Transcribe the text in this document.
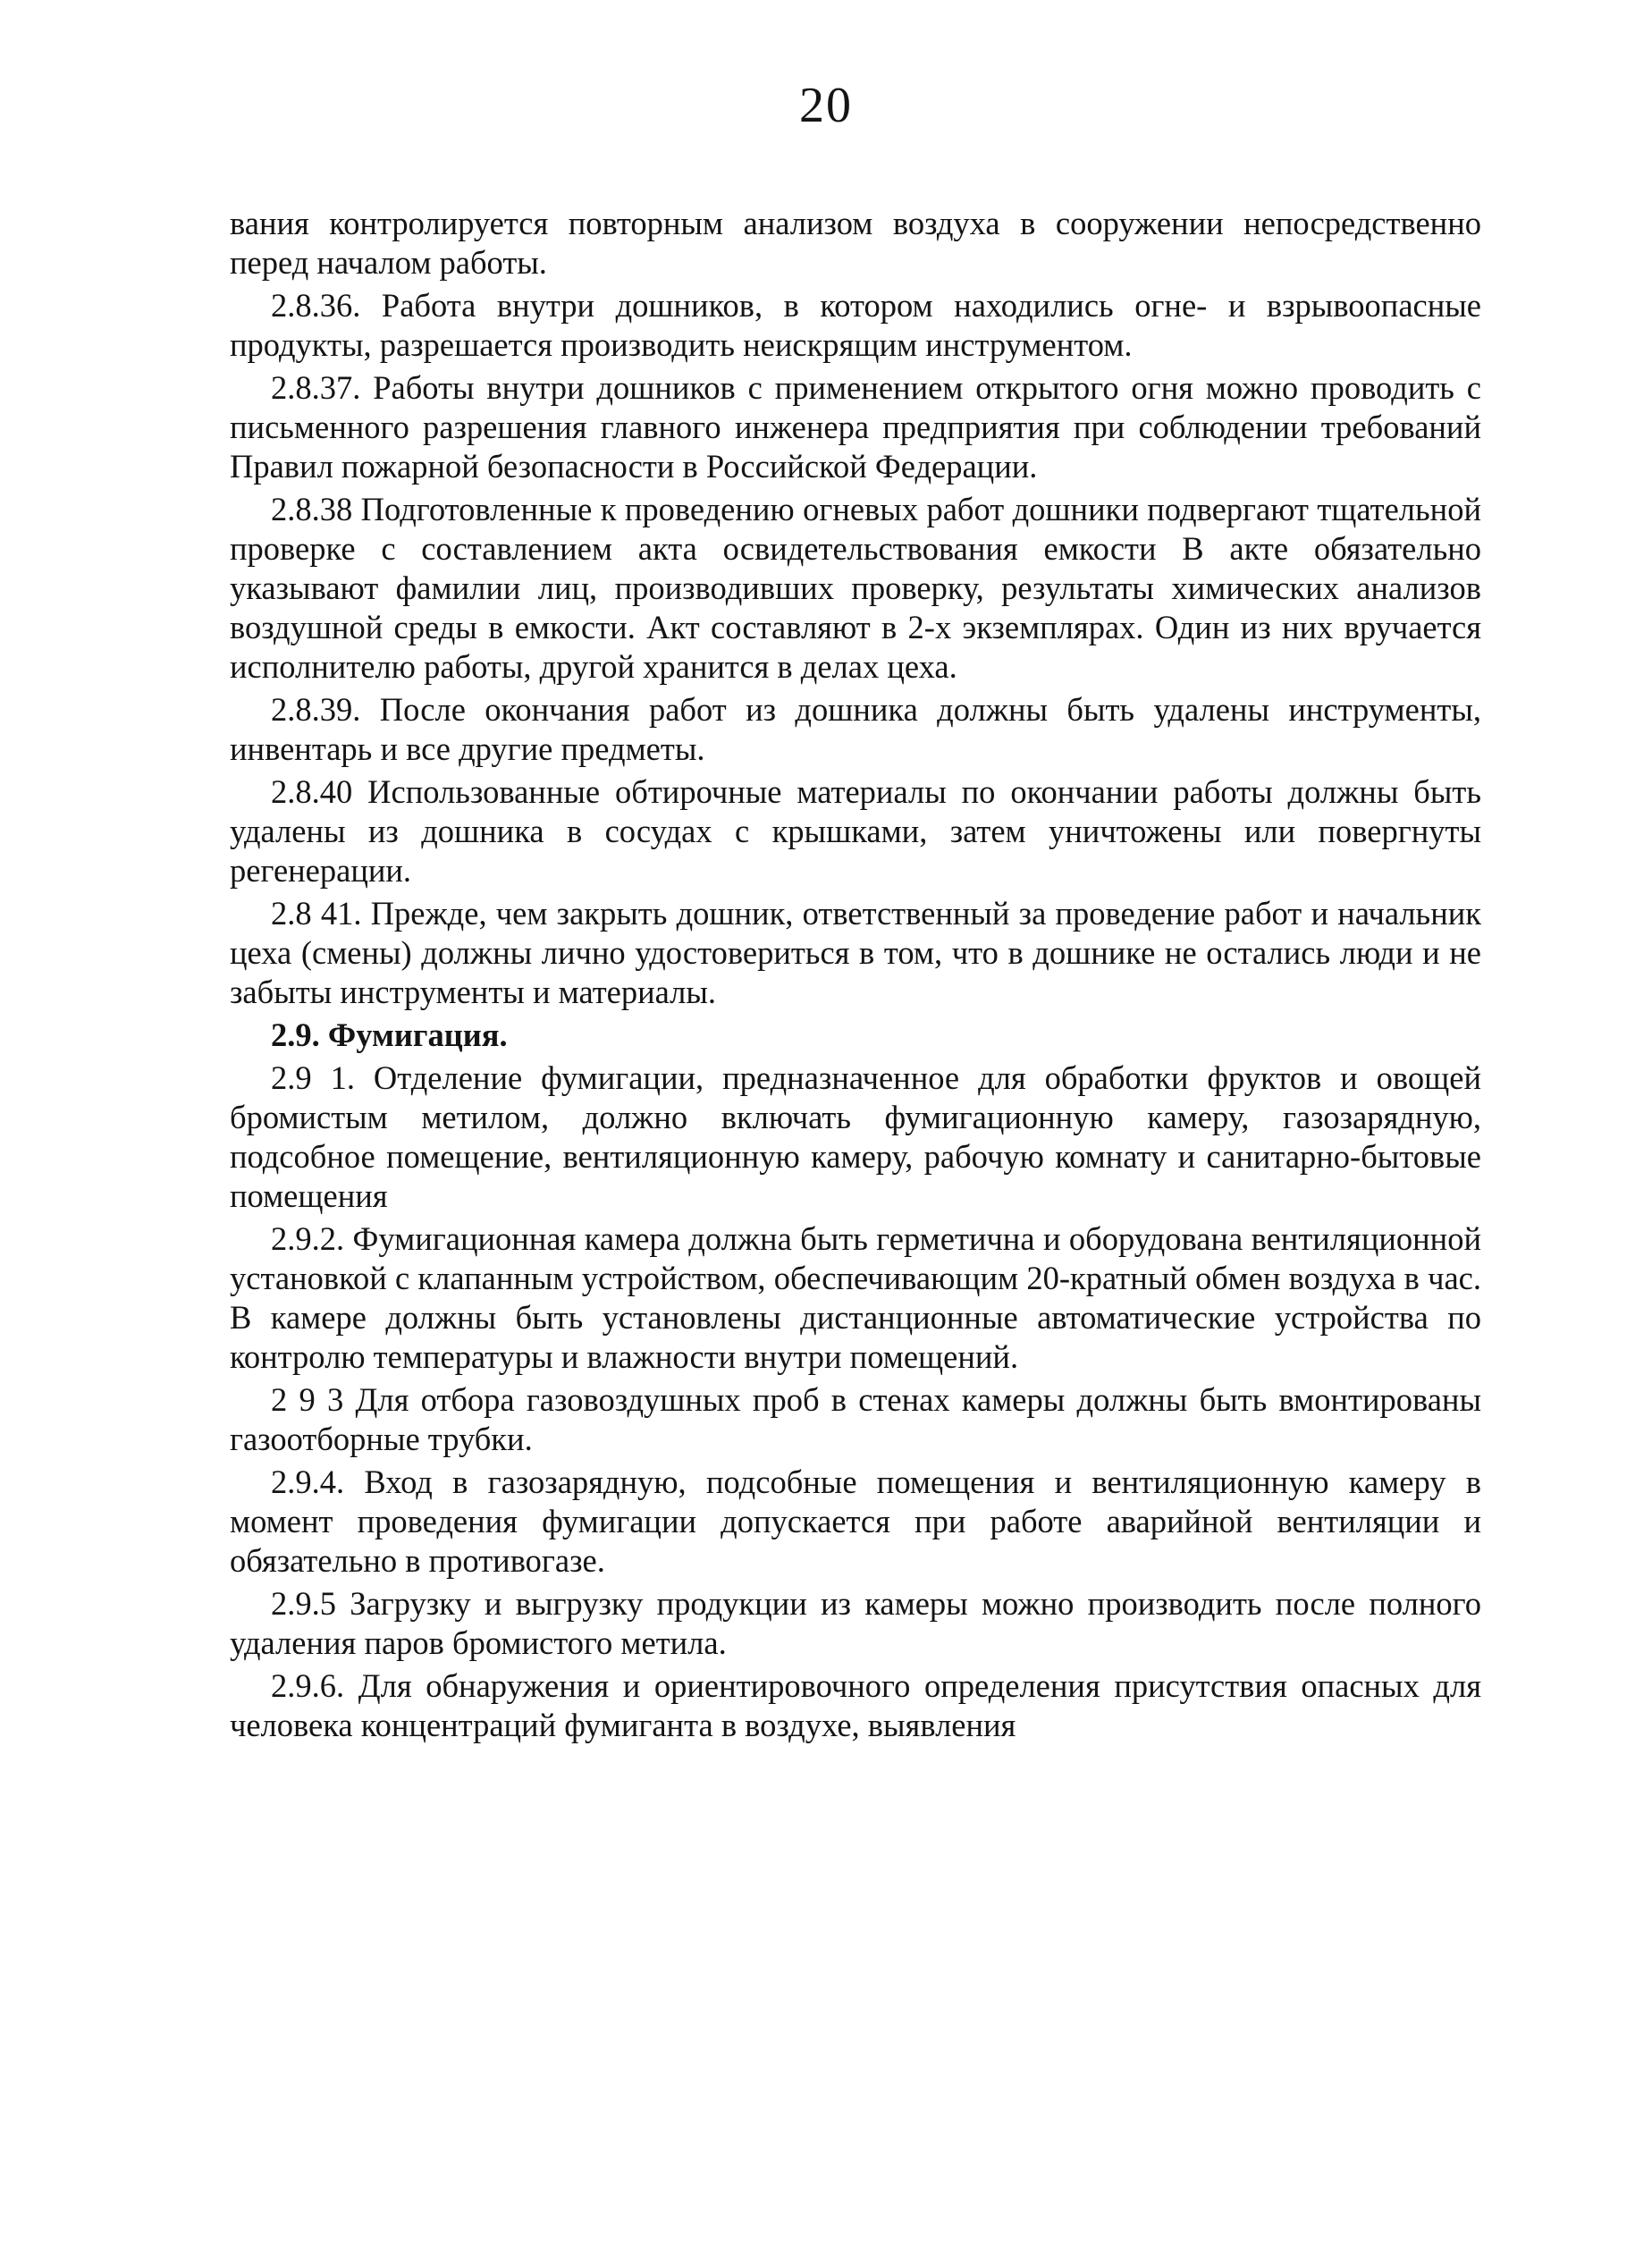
20

вания контролируется повторным анализом воздуха в сооружении непосредственно перед началом работы.

2.8.36. Работа внутри дошников, в котором находились огне- и взрывоопасные продукты, разрешается производить неискрящим инструментом.

2.8.37. Работы внутри дошников с применением открытого огня можно проводить с письменного разрешения главного инженера предприятия при соблюдении требований Правил пожарной безопасности в Российской Федерации.

2.8.38 Подготовленные к проведению огневых работ дошники подвергают тщательной проверке с составлением акта освидетельствования емкости В акте обязательно указывают фамилии лиц, производивших проверку, результаты химических анализов воздушной среды в емкости. Акт составляют в 2-х экземплярах. Один из них вручается исполнителю работы, другой хранится в делах цеха.

2.8.39. После окончания работ из дошника должны быть удалены инструменты, инвентарь и все другие предметы.

2.8.40 Использованные обтирочные материалы по окончании работы должны быть удалены из дошника в сосудах с крышками, затем уничтожены или повергнуты регенерации.

2.8 41. Прежде, чем закрыть дошник, ответственный за проведение работ и начальник цеха (смены) должны лично удостовериться в том, что в дошнике не остались люди и не забыты инструменты и материалы.

2.9. Фумигация.

2.9 1. Отделение фумигации, предназначенное для обработки фруктов и овощей бромистым метилом, должно включать фумигационную камеру, газозарядную, подсобное помещение, вентиляционную камеру, рабочую комнату и санитарно-бытовые помещения

2.9.2. Фумигационная камера должна быть герметична и оборудована вентиляционной установкой с клапанным устройством, обеспечивающим 20-кратный обмен воздуха в час. В камере должны быть установлены дистанционные автоматические устройства по контролю температуры и влажности внутри помещений.

2 9 3 Для отбора газовоздушных проб в стенах камеры должны быть вмонтированы газоотборные трубки.

2.9.4. Вход в газозарядную, подсобные помещения и вентиляционную камеру в момент проведения фумигации допускается при работе аварийной вентиляции и обязательно в противогазе.

2.9.5 Загрузку и выгрузку продукции из камеры можно производить после полного удаления паров бромистого метила.

2.9.6. Для обнаружения и ориентировочного определения присутствия опасных для человека концентраций фумиганта в воздухе, выявления
